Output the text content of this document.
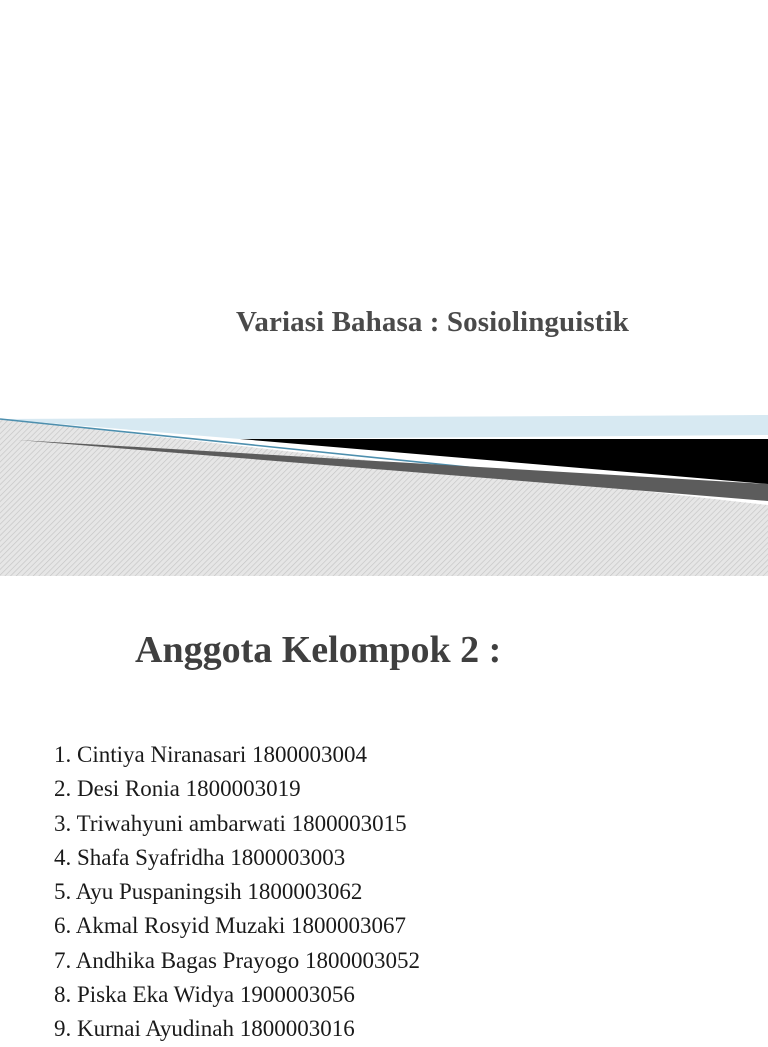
Variasi Bahasa : Sosiolinguistik
Anggota Kelompok 2 :
1. Cintiya Niranasari 1800003004
2. Desi Ronia 1800003019
3. Triwahyuni ambarwati 1800003015
4. Shafa Syafridha 1800003003
5. Ayu Puspaningsih 1800003062
6. Akmal Rosyid Muzaki 1800003067
7. Andhika Bagas Prayogo 1800003052
8. Piska Eka Widya 1900003056
9. Kurnai Ayudinah 1800003016
